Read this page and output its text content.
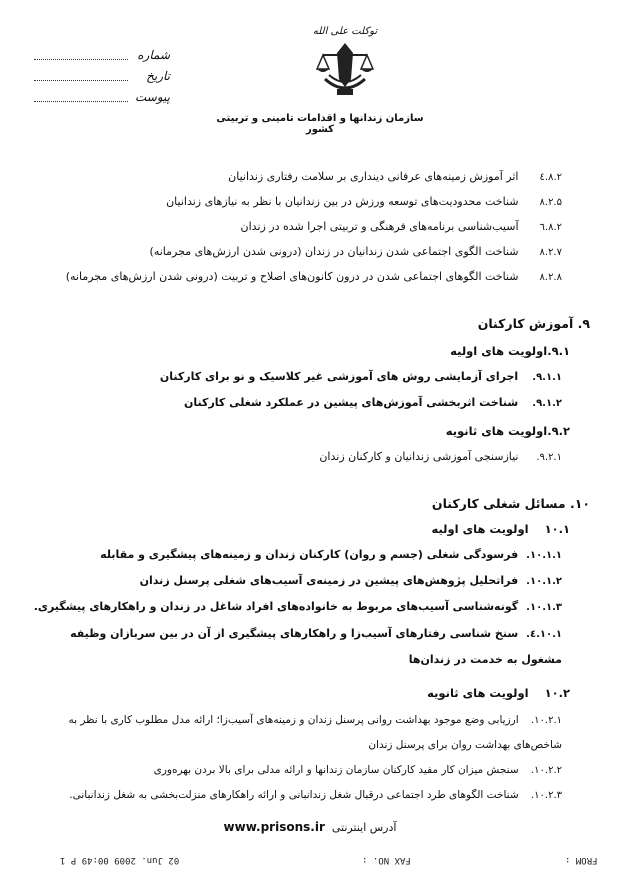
شماره
تاریخ
پیوست
توکلت علی الله
سازمان زندانها و اقدامات تامینی و تربیتی کشور
۸.۲.٤ اثر آموزش زمینه‌های عرفانی دینداری بر سلامت رفتاری زندانیان
۸.۲.۵ شناخت محدودیت‌های توسعه ورزش در بین زندانیان با نظر به نیازهای زندانیان
۸.۲.٦ آسیب‌شناسی برنامه‌های فرهنگی و تربیتی اجرا شده در زندان
۸.۲.۷ شناخت الگوی اجتماعی شدن زندانیان در زندان (درونی شدن ارزش‌های مجرمانه)
۸.۲.۸ شناخت الگوهای اجتماعی شدن در درون کانون‌های اصلاح و تربیت (درونی شدن ارزش‌های مجرمانه)
۹. آموزش کارکنان
۹.۱.اولویت های اولیه
۹.۱.۱. اجرای آزمایشی روش های آموزشی غیر کلاسیک و نو برای کارکنان
۹.۱.۲. شناخت اثربخشی آموزش‌های پیشین در عملکرد شغلی کارکنان
۹.۲.اولویت های ثانویه
۹.۲.۱. نیازسنجی آموزشی زندانیان و کارکنان زندان
۱۰. مسائل شغلی کارکنان
۱۰.۱    اولویت های اولیه
۱۰.۱.۱. فرسودگی شغلی (جسم و روان) کارکنان زندان و زمینه‌های پیشگیری و مقابله
۱۰.۱.۲. فراتحلیل پژوهش‌های پیشین در زمینه‌ی آسیب‌های شغلی پرسنل زندان
۱۰.۱.۳. گونه‌شناسی آسیب‌های مربوط به خانواده‌های افراد شاغل در زندان و راهکارهای پیشگیری.
۱۰.۱.٤. سنخ شناسی رفتارهای آسیب‌زا و راهکارهای پیشگیری از آن در بین سربازان وظیفه مشغول به خدمت در زندان‌ها
۱۰.۲    اولویت های ثانویه
۱۰.۲.۱. ارزیابی وضع موجود بهداشت روانی پرسنل زندان و زمینه‌های آسیب‌زا؛ ارائه مدل مطلوب کاری با نظر به شاخص‌های بهداشت روان برای پرسنل زندان
۱۰.۲.۲. سنجش میزان کار مفید کارکنان سازمان زندانها و ارائه مدلی برای بالا بردن بهره‌وری
۱۰.۲.۳. شناخت الگوهای طرد اجتماعی درقبال شغل زندانبانی و ارائه راهکارهای منزلت‌بخشی به شغل زندانبانی.
آدرس اینترنتی  www.prisons.ir
02 Jun. 2009 00:49 P 1	FAX NO. :	FROM :
